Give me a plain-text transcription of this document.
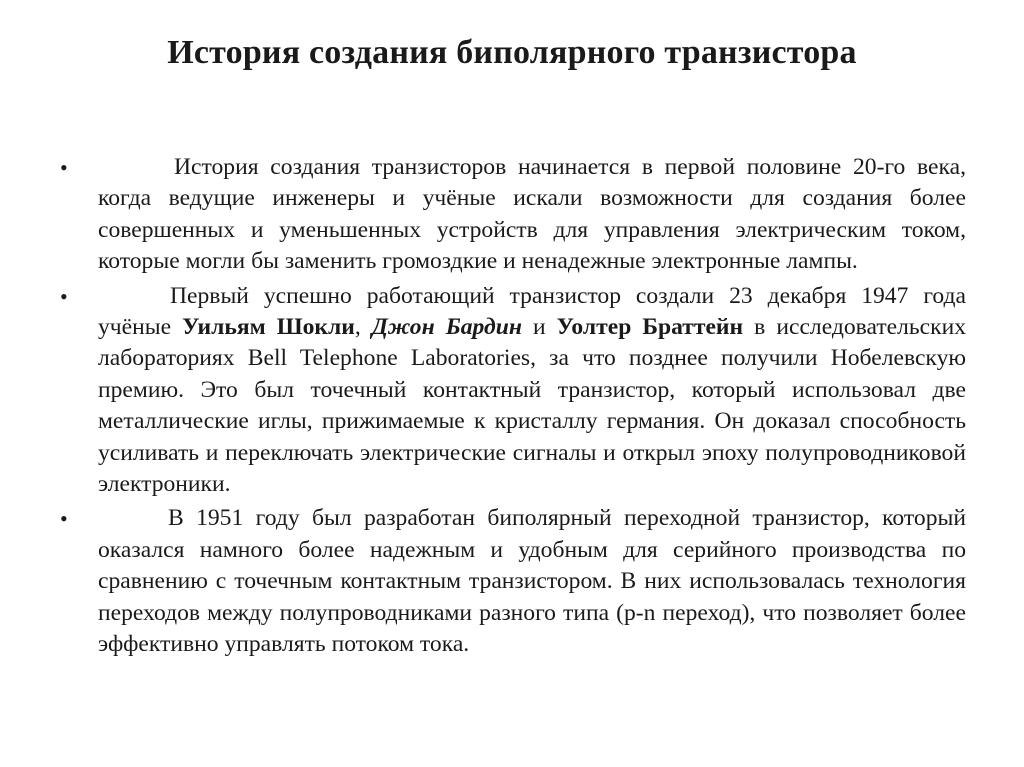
История создания биполярного транзистора
•	История создания транзисторов начинается в первой половине 20-го века, когда ведущие инженеры и учёные искали возможности для создания более совершенных и уменьшенных устройств для управления электрическим током, которые могли бы заменить громоздкие и ненадежные электронные лампы.
•	Первый успешно работающий транзистор создали 23 декабря 1947 года учёные Уильям Шокли, Джон Бардин и Уолтер Браттейн в исследовательских лабораториях Bell Telephone Laboratories, за что позднее получили Нобелевскую премию. Это был точечный контактный транзистор, который использовал две металлические иглы, прижимаемые к кристаллу германия. Он доказал способность усиливать и переключать электрические сигналы и открыл эпоху полупроводниковой электроники.
•	В 1951 году был разработан биполярный переходной транзистор, который оказался намного более надежным и удобным для серийного производства по сравнению с точечным контактным транзистором. В них использовалась технология переходов между полупроводниками разного типа (p-n переход), что позволяет более эффективно управлять потоком тока.
